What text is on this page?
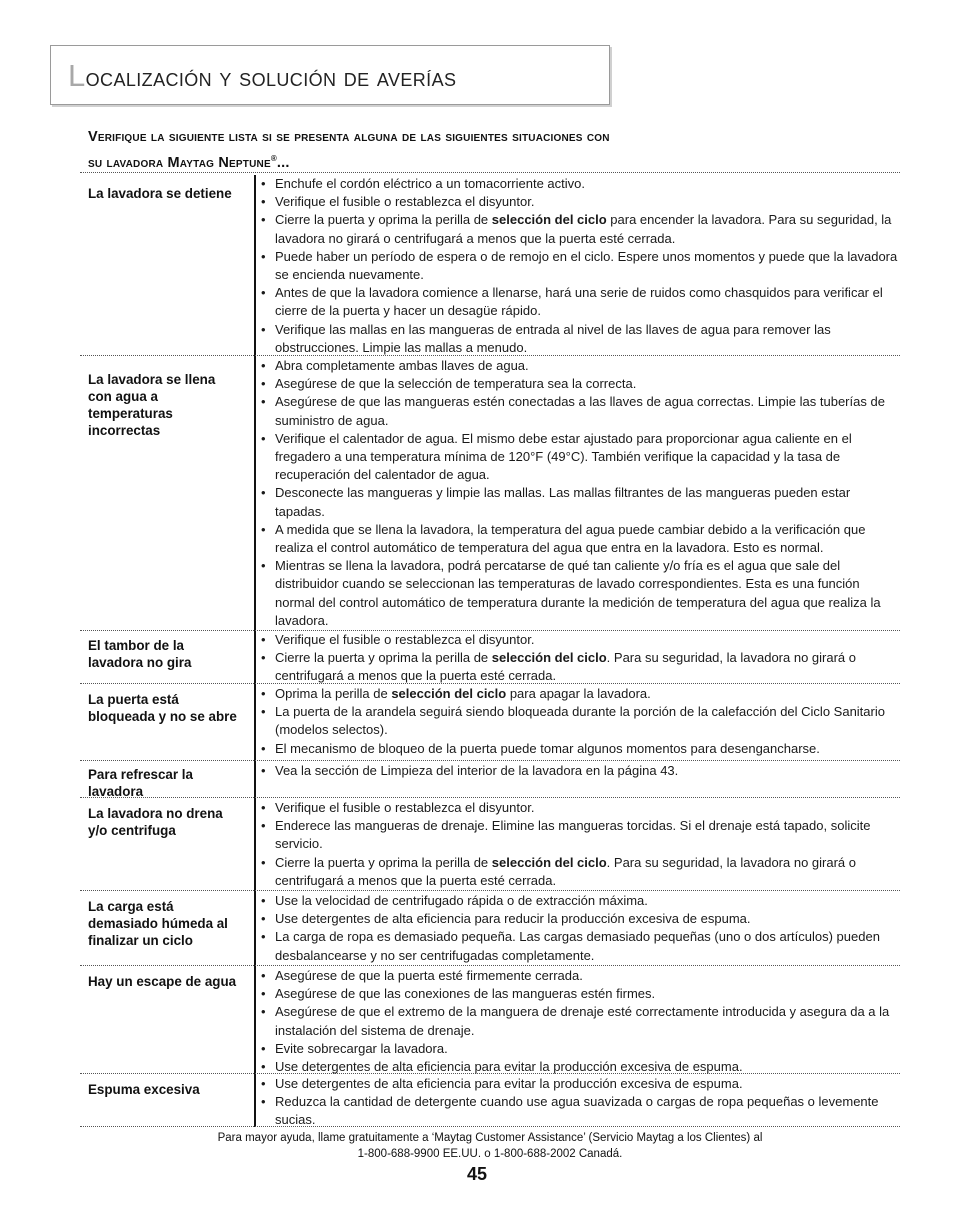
Localización y solución de averías
Verifique la siguiente lista si se presenta alguna de las siguientes situaciones con
su lavadora Maytag Neptune®...
La lavadora se detiene
• Enchufe el cordón eléctrico a un tomacorriente activo.
• Verifique el fusible o restablezca el disyuntor.
• Cierre la puerta y oprima la perilla de selección del ciclo para encender la lavadora. Para su seguridad, la lavadora no girará o centrifugará a menos que la puerta esté cerrada.
• Puede haber un período de espera o de remojo en el ciclo. Espere unos momentos y puede que la lavadora se encienda nuevamente.
• Antes de que la lavadora comience a llenarse, hará una serie de ruidos como chasquidos para verificar el cierre de la puerta y hacer un desagüe rápido.
• Verifique las mallas en las mangueras de entrada al nivel de las llaves de agua para remover las obstrucciones. Limpie las mallas a menudo.
La lavadora se llena con agua a temperaturas incorrectas
• Abra completamente ambas llaves de agua.
• Asegúrese de que la selección de temperatura sea la correcta.
• Asegúrese de que las mangueras estén conectadas a las llaves de agua correctas. Limpie las tuberías de suministro de agua.
• Verifique el calentador de agua. El mismo debe estar ajustado para proporcionar agua caliente en el fregadero a una temperatura mínima de 120°F (49°C). También verifique la capacidad y la tasa de recuperación del calentador de agua.
• Desconecte las mangueras y limpie las mallas. Las mallas filtrantes de las mangueras pueden estar tapadas.
• A medida que se llena la lavadora, la temperatura del agua puede cambiar debido a la verificación que realiza el control automático de temperatura del agua que entra en la lavadora. Esto es normal.
• Mientras se llena la lavadora, podrá percatarse de qué tan caliente y/o fría es el agua que sale del distribuidor cuando se seleccionan las temperaturas de lavado correspondientes. Esta es una función normal del control automático de temperatura durante la medición de temperatura del agua que realiza la lavadora.
El tambor de la lavadora no gira
• Verifique el fusible o restablezca el disyuntor.
• Cierre la puerta y oprima la perilla de selección del ciclo. Para su seguridad, la lavadora no girará o centrifugará a menos que la puerta esté cerrada.
La puerta está bloqueada y no se abre
• Oprima la perilla de selección del ciclo para apagar la lavadora.
• La puerta de la arandela seguirá siendo bloqueada durante la porción de la calefacción del Ciclo Sanitario (modelos selectos).
• El mecanismo de bloqueo de la puerta puede tomar algunos momentos para desengancharse.
Para refrescar la lavadora
• Vea la sección de Limpieza del interior de la lavadora en la página 43.
La lavadora no drena y/o centrifuga
• Verifique el fusible o restablezca el disyuntor.
• Enderece las mangueras de drenaje. Elimine las mangueras torcidas. Si el drenaje está tapado, solicite servicio.
• Cierre la puerta y oprima la perilla de selección del ciclo. Para su seguridad, la lavadora no girará o centrifugará a menos que la puerta esté cerrada.
La carga está demasiado húmeda al finalizar un ciclo
• Use la velocidad de centrifugado rápida o de extracción máxima.
• Use detergentes de alta eficiencia para reducir la producción excesiva de espuma.
• La carga de ropa es demasiado pequeña. Las cargas demasiado pequeñas (uno o dos artículos) pueden desbalancearse y no ser centrifugadas completamente.
Hay un escape de agua	• Asegúrese de que la puerta esté firmemente cerrada.
• Asegúrese de que las conexiones de las mangueras estén firmes.
• Asegúrese de que el extremo de la manguera de drenaje esté correctamente introducida y asegura da a la instalación del sistema de drenaje.
• Evite sobrecargar la lavadora.
• Use detergentes de alta eficiencia para evitar la producción excesiva de espuma.
Espuma excesiva	• Use detergentes de alta eficiencia para evitar la producción excesiva de espuma.
• Reduzca la cantidad de detergente cuando use agua suavizada o cargas de ropa pequeñas o levemente sucias.
Para mayor ayuda, llame gratuitamente a ‘Maytag Customer Assistance’ (Servicio Maytag a los Clientes) al
1-800-688-9900 EE.UU. o 1-800-688-2002 Canadá.
45
